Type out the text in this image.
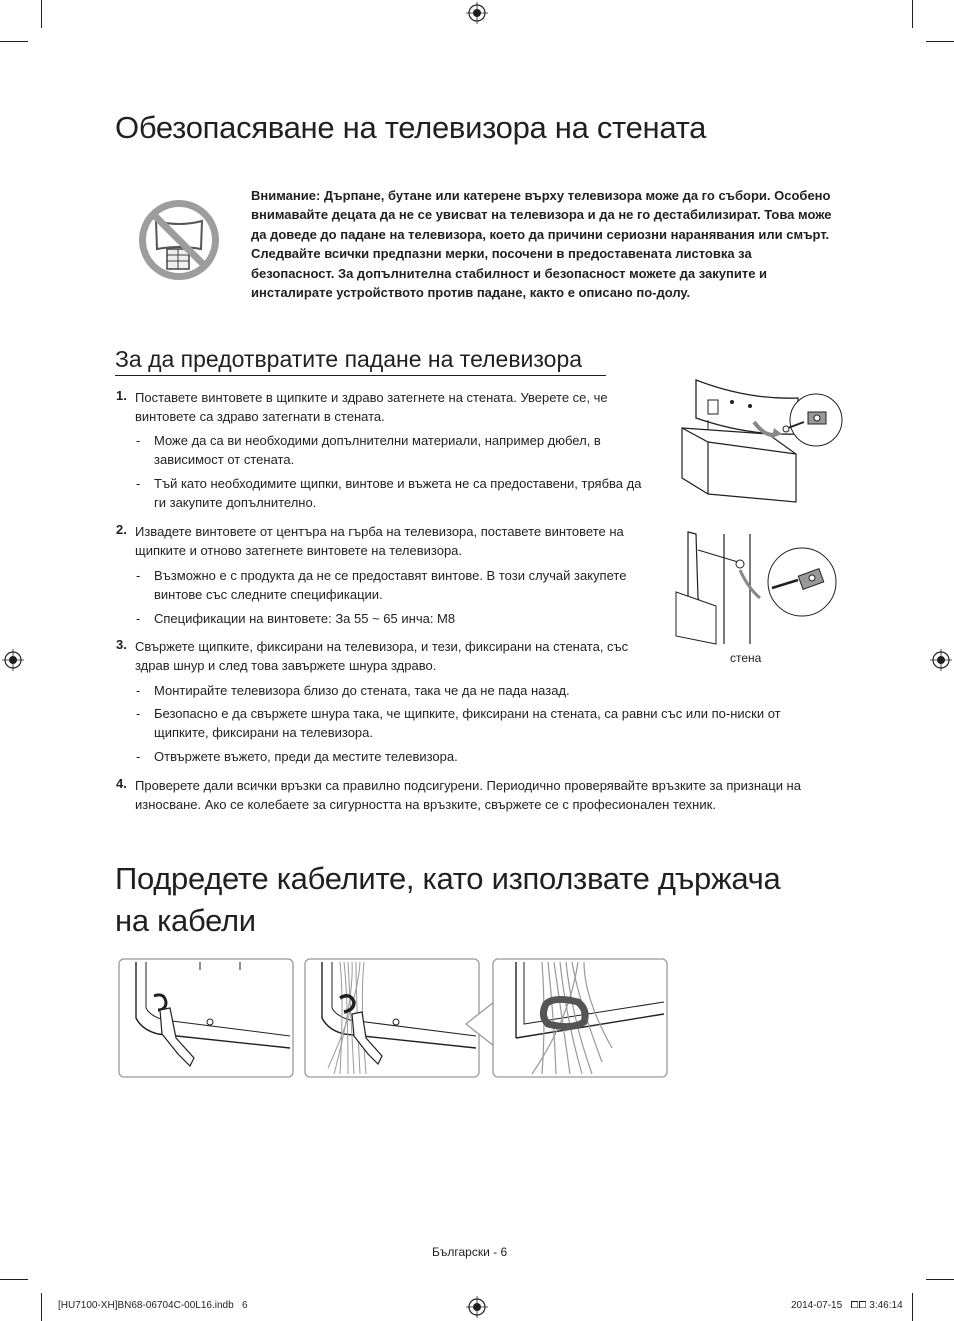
Обезопасяване на телевизора на стената
Внимание: Дърпане, бутане или катерене върху телевизора може да го събори. Особено внимавайте децата да не се увисват на телевизора и да не го дестабилизират. Това може да доведе до падане на телевизора, което да причини сериозни наранявания или смърт. Следвайте всички предпазни мерки, посочени в предоставената листовка за безопасност. За допълнителна стабилност и безопасност можете да закупите и инсталирате устройството против падане, както е описано по-долу.
За да предотвратите падане на телевизора
1. Поставете винтовете в щипките и здраво затегнете на стената. Уверете се, че винтовете са здраво затегнати в стената.
- Може да са ви необходими допълнителни материали, например дюбел, в зависимост от стената.
- Тъй като необходимите щипки, винтове и въжета не са предоставени, трябва да ги закупите допълнително.
2. Извадете винтовете от центъра на гърба на телевизора, поставете винтовете на щипките и отново затегнете винтовете на телевизора.
- Възможно е с продукта да не се предоставят винтове. В този случай закупете винтове със следните спецификации.
- Спецификации на винтовете: За 55 ~ 65 инча: M8
3. Свържете щипките, фиксирани на телевизора, и тези, фиксирани на стената, със здрав шнур и след това завържете шнура здраво.
- Монтирайте телевизора близо до стената, така че да не пада назад.
- Безопасно е да свържете шнура така, че щипките, фиксирани на стената, са равни със или по-ниски от щипките, фиксирани на телевизора.
- Отвържете въжето, преди да местите телевизора.
4. Проверете дали всички връзки са правилно подсигурени. Периодично проверявайте връзките за признаци на износване. Ако се колебаете за сигурността на връзките, свържете се с професионален техник.
стена
Подредете кабелите, като използвате държача
на кабели
Български - 6
[HU7100-XH]BN68-06704C-00L16.indb   6	2014-07-15   ⧠⧠ 3:46:14
